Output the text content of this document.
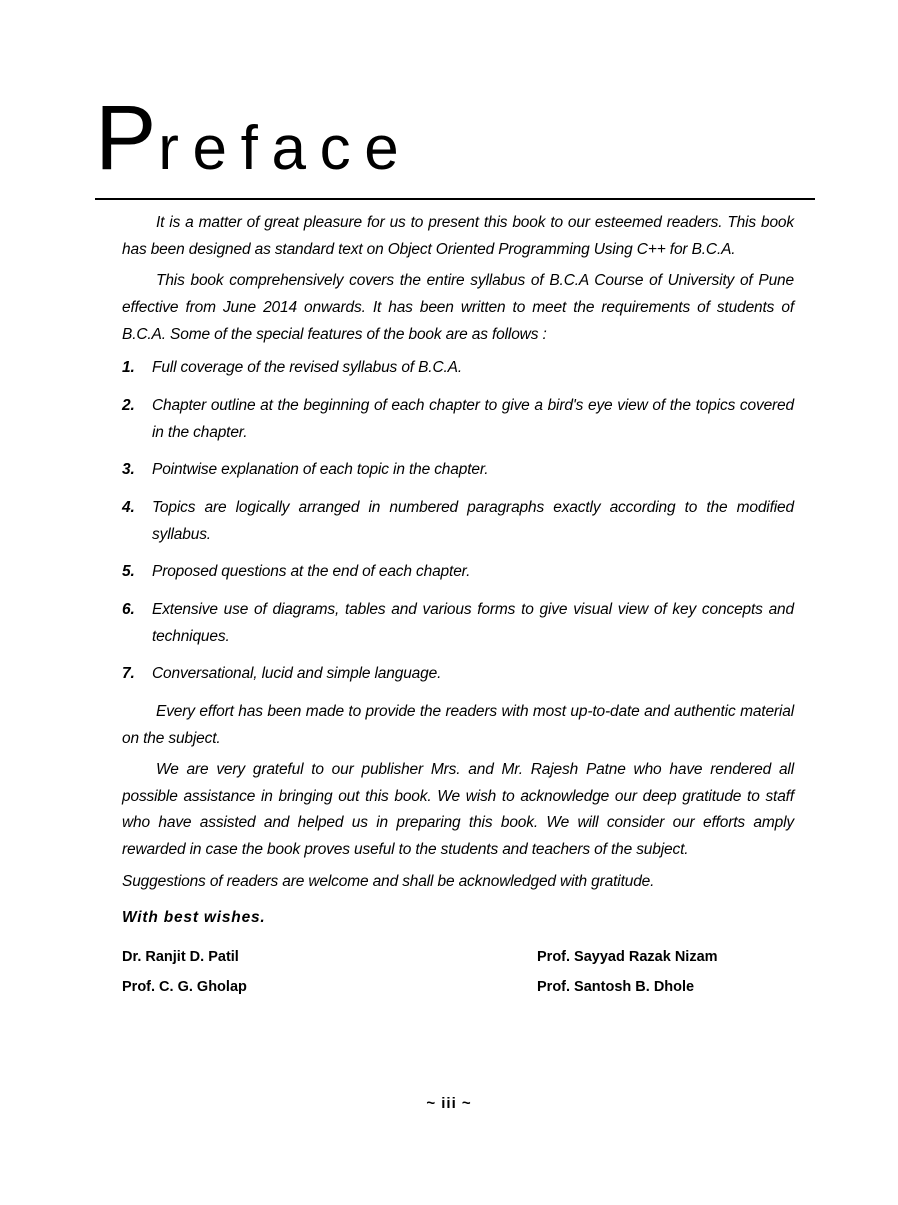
Preface

It is a matter of great pleasure for us to present this book to our esteemed readers. This book has been designed as standard text on Object Oriented Programming Using C++ for B.C.A.

This book comprehensively covers the entire syllabus of B.C.A Course of University of Pune effective from June 2014 onwards. It has been written to meet the requirements of students of B.C.A. Some of the special features of the book are as follows :

1. Full coverage of the revised syllabus of B.C.A.
2. Chapter outline at the beginning of each chapter to give a bird's eye view of the topics covered in the chapter.
3. Pointwise explanation of each topic in the chapter.
4. Topics are logically arranged in numbered paragraphs exactly according to the modified syllabus.
5. Proposed questions at the end of each chapter.
6. Extensive use of diagrams, tables and various forms to give visual view of key concepts and techniques.
7. Conversational, lucid and simple language.

Every effort has been made to provide the readers with most up-to-date and authentic material on the subject.

We are very grateful to our publisher Mrs. and Mr. Rajesh Patne who have rendered all possible assistance in bringing out this book. We wish to acknowledge our deep gratitude to staff who have assisted and helped us in preparing this book. We will consider our efforts amply rewarded in case the book proves useful to the students and teachers of the subject.

Suggestions of readers are welcome and shall be acknowledged with gratitude.

With best wishes.
Dr. Ranjit D. Patil	Prof. Sayyad Razak Nizam
Prof. C. G. Gholap	Prof. Santosh B. Dhole
~ iii ~
